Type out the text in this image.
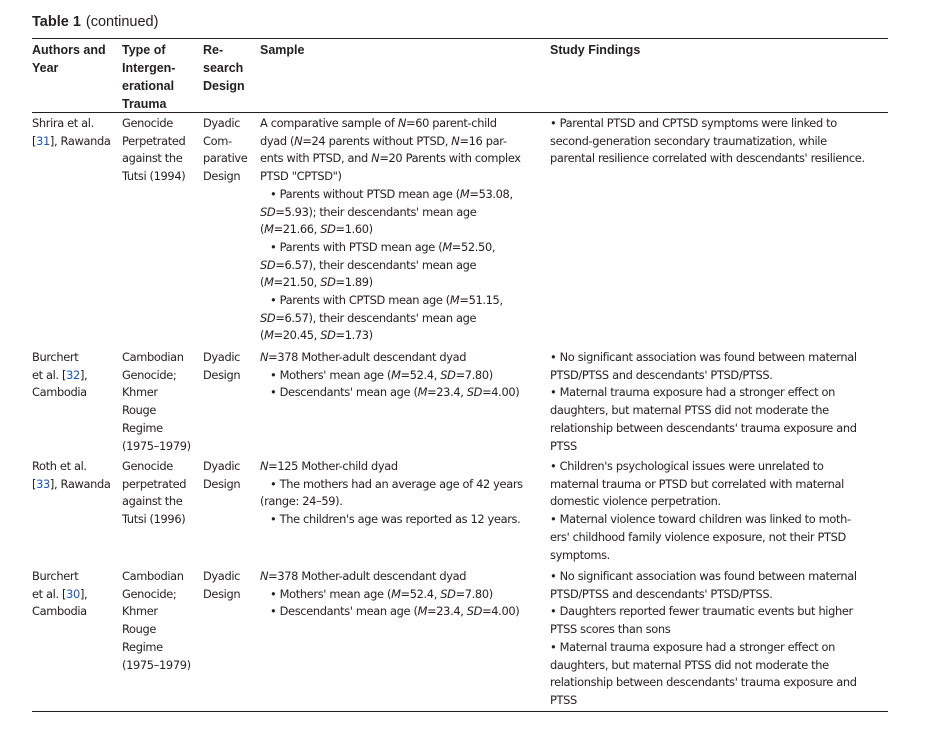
Table 1 (continued)
Authors and
Year
Type of
Intergen-
erational
Trauma
Re-
search
Design
Sample	Study Findings
Shrira et al.
[31], Rawanda
Genocide
Perpetrated
against the
Tutsi (1994)
Dyadic
Com-
parative
Design
A comparative sample of N=60 parent-child
dyad (N=24 parents without PTSD, N=16 par-
ents with PTSD, and N=20 Parents with complex
PTSD "CPTSD")
• Parents without PTSD mean age (M=53.08,
SD=5.93); their descendants' mean age
(M=21.66, SD=1.60)
• Parents with PTSD mean age (M=52.50,
SD=6.57), their descendants' mean age
(M=21.50, SD=1.89)
• Parents with CPTSD mean age (M=51.15,
SD=6.57), their descendants' mean age
(M=20.45, SD=1.73)
• Parental PTSD and CPTSD symptoms were linked to
second-generation secondary traumatization, while
parental resilience correlated with descendants' resilience.
Burchert
et al. [32],
Cambodia
Cambodian
Genocide;
Khmer
Rouge
Regime
(1975–1979)
Dyadic
Design
N=378 Mother-adult descendant dyad
• Mothers' mean age (M=52.4, SD=7.80)
• Descendants' mean age (M=23.4, SD=4.00)
• No significant association was found between maternal
PTSD/PTSS and descendants' PTSD/PTSS.
• Maternal trauma exposure had a stronger effect on
daughters, but maternal PTSS did not moderate the
relationship between descendants' trauma exposure and
PTSS
Roth et al.
[33], Rawanda
Genocide
perpetrated
against the
Tutsi (1996)
Dyadic
Design
N=125 Mother-child dyad
• The mothers had an average age of 42 years
(range: 24–59).
• The children's age was reported as 12 years.
• Children's psychological issues were unrelated to
maternal trauma or PTSD but correlated with maternal
domestic violence perpetration.
• Maternal violence toward children was linked to moth-
ers' childhood family violence exposure, not their PTSD
symptoms.
Burchert
et al. [30],
Cambodia
Cambodian
Genocide;
Khmer
Rouge
Regime
(1975–1979)
Dyadic
Design
N=378 Mother-adult descendant dyad
• Mothers' mean age (M=52.4, SD=7.80)
• Descendants' mean age (M=23.4, SD=4.00)
• No significant association was found between maternal
PTSD/PTSS and descendants' PTSD/PTSS.
• Daughters reported fewer traumatic events but higher
PTSS scores than sons
• Maternal trauma exposure had a stronger effect on
daughters, but maternal PTSS did not moderate the
relationship between descendants' trauma exposure and
PTSS
